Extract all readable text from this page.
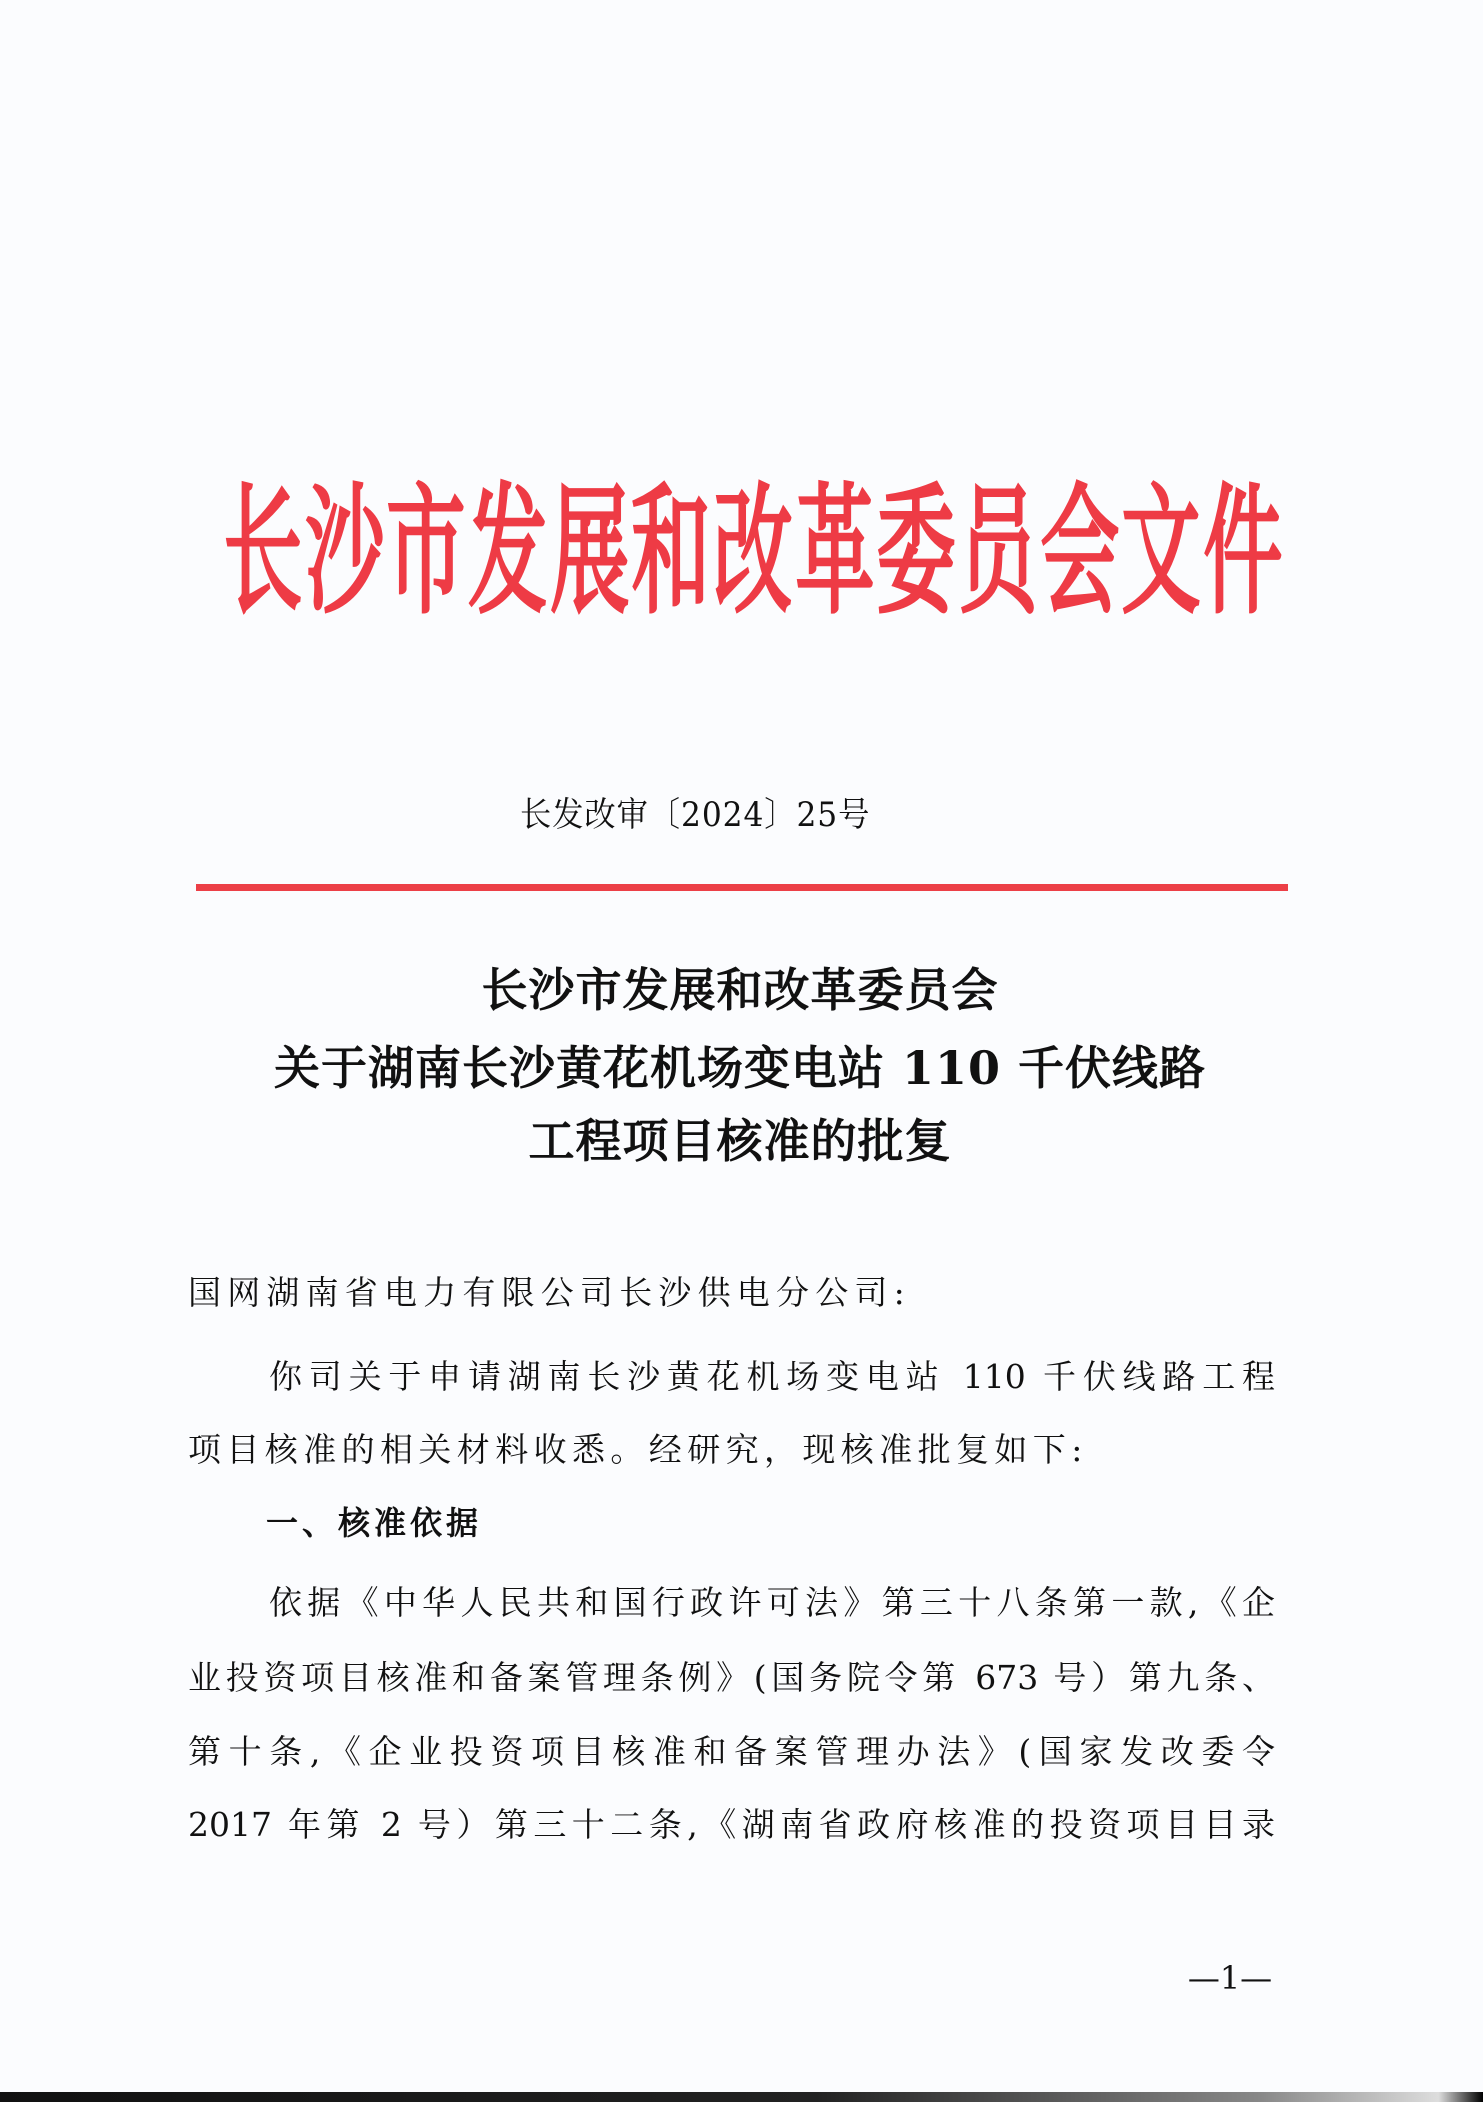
长 沙 市 发 展 和 改 革 委 员 会 文 件
长发改审〔2024〕25号
长沙市发展和改革委员会
关于湖南长沙黄花机场变电站 110 千伏线路
工程项目核准的批复
国网湖南省电力有限公司长沙供电分公司:
你司关于申请湖南长沙黄花机场变电站 110 千伏线路工程
项目核准的相关材料收悉。经研究，现核准批复如下:
一、核准依据
依据《中华人民共和国行政许可法》第三十八条第一款,《企
业投资项目核准和备案管理条例》(国务院令第 673 号）第九条、
第十条,《企业投资项目核准和备案管理办法》(国家发改委令
2017 年第 2 号）第三十二条,《湖南省政府核准的投资项目目录
—1—
